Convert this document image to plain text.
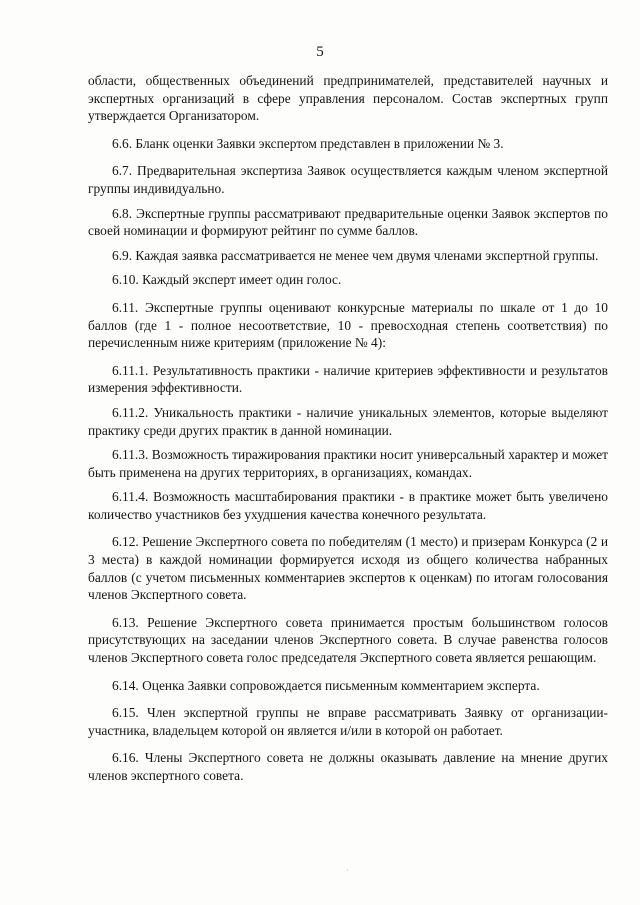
5

области, общественных объединений предпринимателей, представителей научных и экспертных организаций в сфере управления персоналом. Состав экспертных групп утверждается Организатором.

6.6. Бланк оценки Заявки экспертом представлен в приложении № 3.

6.7. Предварительная экспертиза Заявок осуществляется каждым членом экспертной группы индивидуально.

6.8. Экспертные группы рассматривают предварительные оценки Заявок экспертов по своей номинации и формируют рейтинг по сумме баллов.

6.9. Каждая заявка рассматривается не менее чем двумя членами экспертной группы.

6.10. Каждый эксперт имеет один голос.

6.11. Экспертные группы оценивают конкурсные материалы по шкале от 1 до 10 баллов (где 1 - полное несоответствие, 10 - превосходная степень соответствия) по перечисленным ниже критериям (приложение № 4):

6.11.1. Результативность практики - наличие критериев эффективности и результатов измерения эффективности.

6.11.2. Уникальность практики - наличие уникальных элементов, которые выделяют практику среди других практик в данной номинации.

6.11.3. Возможность тиражирования практики носит универсальный характер и может быть применена на других территориях, в организациях, командах.

6.11.4. Возможность масштабирования практики - в практике может быть увеличено количество участников без ухудшения качества конечного результата.

6.12. Решение Экспертного совета по победителям (1 место) и призерам Конкурса (2 и 3 места) в каждой номинации формируется исходя из общего количества набранных баллов (с учетом письменных комментариев экспертов к оценкам) по итогам голосования членов Экспертного совета.

6.13. Решение Экспертного совета принимается простым большинством голосов присутствующих на заседании членов Экспертного совета. В случае равенства голосов членов Экспертного совета голос председателя Экспертного совета является решающим.

6.14. Оценка Заявки сопровождается письменным комментарием эксперта.

6.15. Член экспертной группы не вправе рассматривать Заявку от организации-участника, владельцем которой он является и/или в которой он работает.

6.16. Члены Экспертного совета не должны оказывать давление на мнение других членов экспертного совета.

·
